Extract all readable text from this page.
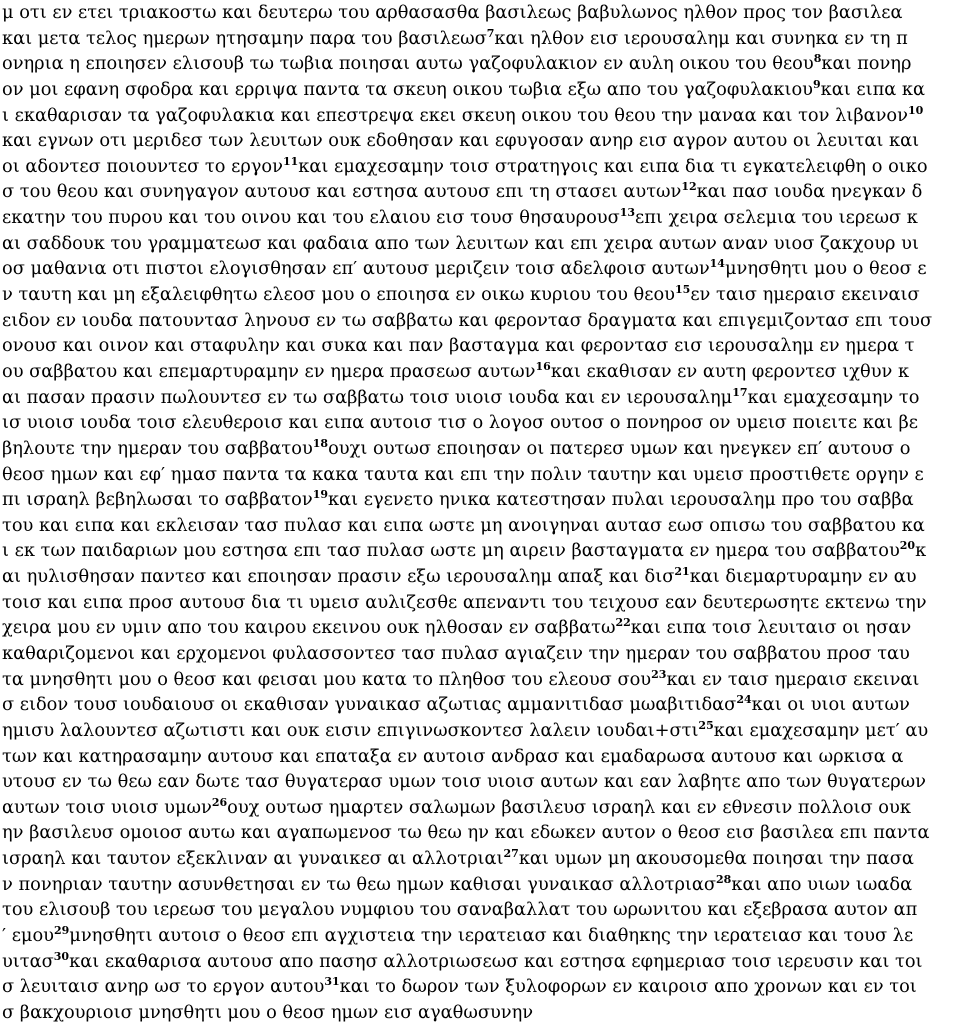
μ οτι εν ετει τριακοστω και δευτερω του αρθασασθα βασιλεως βαβυλωνος ηλθον προς τον βασιλεα
και μετα τελος ημερων ητησαμην παρα του βασιλεωσ$^7$και ηλθον εισ ιερουσαλημ και συνηκα εν τη π
ονηρια η εποιησεν ελισουβ τω τωβια ποιησαι αυτω γαζοφυλακιον εν αυλη οικου του θεου$^8$και πονηρ
ον μοι εφανη σφοδρα και ερριψα παντα τα σκευη οικου τωβια εξω απο του γαζοφυλακιου$^9$και ειπα κα
ι εκαθαρισαν τα γαζοφυλακια και επεστρεψα εκει σκευη οικου του θεου την μαναα και τον λιβανον$^{10}$
και εγνων οτι μεριδεσ των λευιτων ουκ εδοθησαν και εφυγοσαν ανηρ εισ αγρον αυτου οι λευιται και
οι αδοντεσ ποιουντεσ το εργον$^{11}$και εμαχεσαμην τοισ στρατηγοις και ειπα δια τι εγκατελειφθη ο οικο
σ του θεου και συνηγαγον αυτουσ και εστησα αυτουσ επι τη στασει αυτων$^{12}$και πασ ιουδα ηνεγκαν δ
εκατην του πυρου και του οινου και του ελαιου εισ τουσ θησαυρουσ$^{13}$επι χειρα σελεμια του ιερεωσ κ
αι σαδδουκ του γραμματεωσ και φαδαια απο των λευιτων και επι χειρα αυτων αναν υιοσ ζακχουρ υι
οσ μαθανια οτι πιστοι ελογισθησαν επ′ αυτουσ μεριζειν τοισ αδελφοισ αυτων$^{14}$μνησθητι μου ο θεοσ ε
ν ταυτη και μη εξαλειφθητω ελεοσ μου ο εποιησα εν οικω κυριου του θεου$^{15}$εν ταισ ημεραισ εκειναισ
ειδον εν ιουδα πατουντασ ληνουσ εν τω σαββατω και φεροντασ δραγματα και επιγεμιζοντασ επι τουσ
ονουσ και οινον και σταφυλην και συκα και παν βασταγμα και φεροντασ εισ ιερουσαλημ εν ημερα τ
ου σαββατου και επεμαρτυραμην εν ημερα πρασεωσ αυτων$^{16}$και εκαθισαν εν αυτη φεροντεσ ιχθυν κ
αι πασαν πρασιν πωλουντεσ εν τω σαββατω τοισ υιοισ ιουδα και εν ιερουσαλημ$^{17}$και εμαχεσαμην το
ισ υιοισ ιουδα τοισ ελευθεροισ και ειπα αυτοισ τισ ο λογοσ ουτοσ ο πονηροσ ον υμεισ ποιειτε και βε
βηλουτε την ημεραν του σαββατου$^{18}$ουχι ουτωσ εποιησαν οι πατερεσ υμων και ηνεγκεν επ′ αυτουσ ο
θεοσ ημων και εφ′ ημασ παντα τα κακα ταυτα και επι την πολιν ταυτην και υμεισ προστιθετε οργην ε
πι ισραηλ βεβηλωσαι το σαββατον$^{19}$και εγενετο ηνικα κατεστησαν πυλαι ιερουσαλημ προ του σαββα
του και ειπα και εκλεισαν τασ πυλασ και ειπα ωστε μη ανοιγηναι αυτασ εωσ οπισω του σαββατου κα
ι εκ των παιδαριων μου εστησα επι τασ πυλασ ωστε μη αιρειν βασταγματα εν ημερα του σαββατου$^{20}$κ
αι ηυλισθησαν παντεσ και εποιησαν πρασιν εξω ιερουσαλημ απαξ και δισ$^{21}$και διεμαρτυραμην εν αυ
τοισ και ειπα προσ αυτουσ δια τι υμεισ αυλιζεσθε απεναντι του τειχουσ εαν δευτερωσητε εκτενω την
χειρα μου εν υμιν απο του καιρου εκεινου ουκ ηλθοσαν εν σαββατω$^{22}$και ειπα τοισ λευιταισ οι ησαν
καθαριζομενοι και ερχομενοι φυλασσοντεσ τασ πυλασ αγιαζειν την ημεραν του σαββατου προσ ταυ
τα μνησθητι μου ο θεοσ και φεισαι μου κατα το πληθοσ του ελεουσ σου$^{23}$και εν ταισ ημεραισ εκειναι
σ ειδον τουσ ιουδαιουσ οι εκαθισαν γυναικασ αζωτιας αμμανιτιδασ μωαβιτιδασ$^{24}$και οι υιοι αυτων
ημισυ λαλουντεσ αζωτιστι και ουκ εισιν επιγινωσκοντεσ λαλειν ιουδαι+στι$^{25}$και εμαχεσαμην μετ′ αυ
των και κατηρασαμην αυτουσ και επαταξα εν αυτοισ ανδρασ και εμαδαρωσα αυτουσ και ωρκισα α
υτουσ εν τω θεω εαν δωτε τασ θυγατερασ υμων τοισ υιοισ αυτων και εαν λαβητε απο των θυγατερων
αυτων τοισ υιοισ υμων$^{26}$ουχ ουτωσ ημαρτεν σαλωμων βασιλευσ ισραηλ και εν εθνεσιν πολλοισ ουκ
ην βασιλευσ ομοιοσ αυτω και αγαπωμενοσ τω θεω ην και εδωκεν αυτον ο θεοσ εισ βασιλεα επι παντα
ισραηλ και ταυτον εξεκλιναν αι γυναικεσ αι αλλοτριαι$^{27}$και υμων μη ακουσομεθα ποιησαι την πασα
ν πονηριαν ταυτην ασυνθετησαι εν τω θεω ημων καθισαι γυναικασ αλλοτριασ$^{28}$και απο υιων ιωαδα
του ελισουβ του ιερεωσ του μεγαλου νυμφιου του σαναβαλλατ του ωρωνιτου και εξεβρασα αυτον απ
′ εμου$^{29}$μνησθητι αυτοισ ο θεοσ επι αγχιστεια την ιερατειασ και διαθηκης την ιερατειασ και τουσ λε
υιτασ$^{30}$και εκαθαρισα αυτουσ απο πασησ αλλοτριωσεωσ και εστησα εφημεριασ τοισ ιερευσιν και τοι
σ λευιταισ ανηρ ωσ το εργον αυτου$^{31}$και το δωρον των ξυλοφορων εν καιροισ απο χρονων και εν τοι
σ βακχουριοισ μνησθητι μου ο θεοσ ημων εισ αγαθωσυνην
